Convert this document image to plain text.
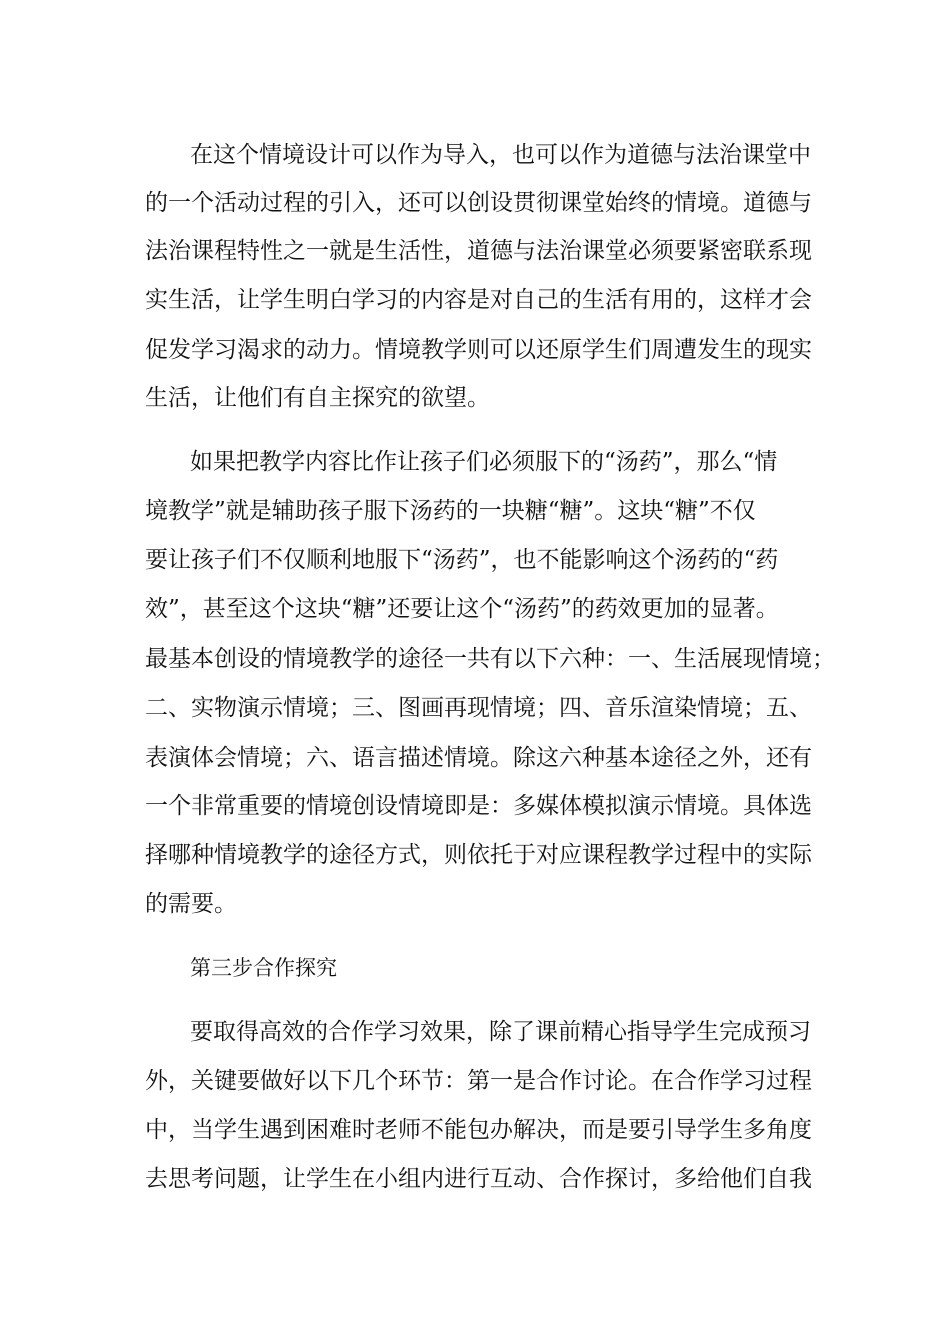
在这个情境设计可以作为导入，也可以作为道德与法治课堂中

的一个活动过程的引入，还可以创设贯彻课堂始终的情境。道德与

法治课程特性之一就是生活性，道德与法治课堂必须要紧密联系现

实生活，让学生明白学习的内容是对自己的生活有用的，这样才会

促发学习渴求的动力。情境教学则可以还原学生们周遭发生的现实

生活，让他们有自主探究的欲望。

如果把教学内容比作让孩子们必须服下的“汤药”，那么“情

境教学”就是辅助孩子服下汤药的一块糖“糖”。这块“糖”不仅

要让孩子们不仅顺利地服下“汤药”，也不能影响这个汤药的“药

效”，甚至这个这块“糖”还要让这个“汤药”的药效更加的显著。

最基本创设的情境教学的途径一共有以下六种：一、生活展现情境；

二、实物演示情境；三、图画再现情境；四、音乐渲染情境；五、

表演体会情境；六、语言描述情境。除这六种基本途径之外，还有

一个非常重要的情境创设情境即是：多媒体模拟演示情境。具体选

择哪种情境教学的途径方式，则依托于对应课程教学过程中的实际

的需要。

第三步合作探究

要取得高效的合作学习效果，除了课前精心指导学生完成预习

外，关键要做好以下几个环节：第一是合作讨论。在合作学习过程

中，当学生遇到困难时老师不能包办解决，而是要引导学生多角度

去思考问题，让学生在小组内进行互动、合作探讨，多给他们自我
